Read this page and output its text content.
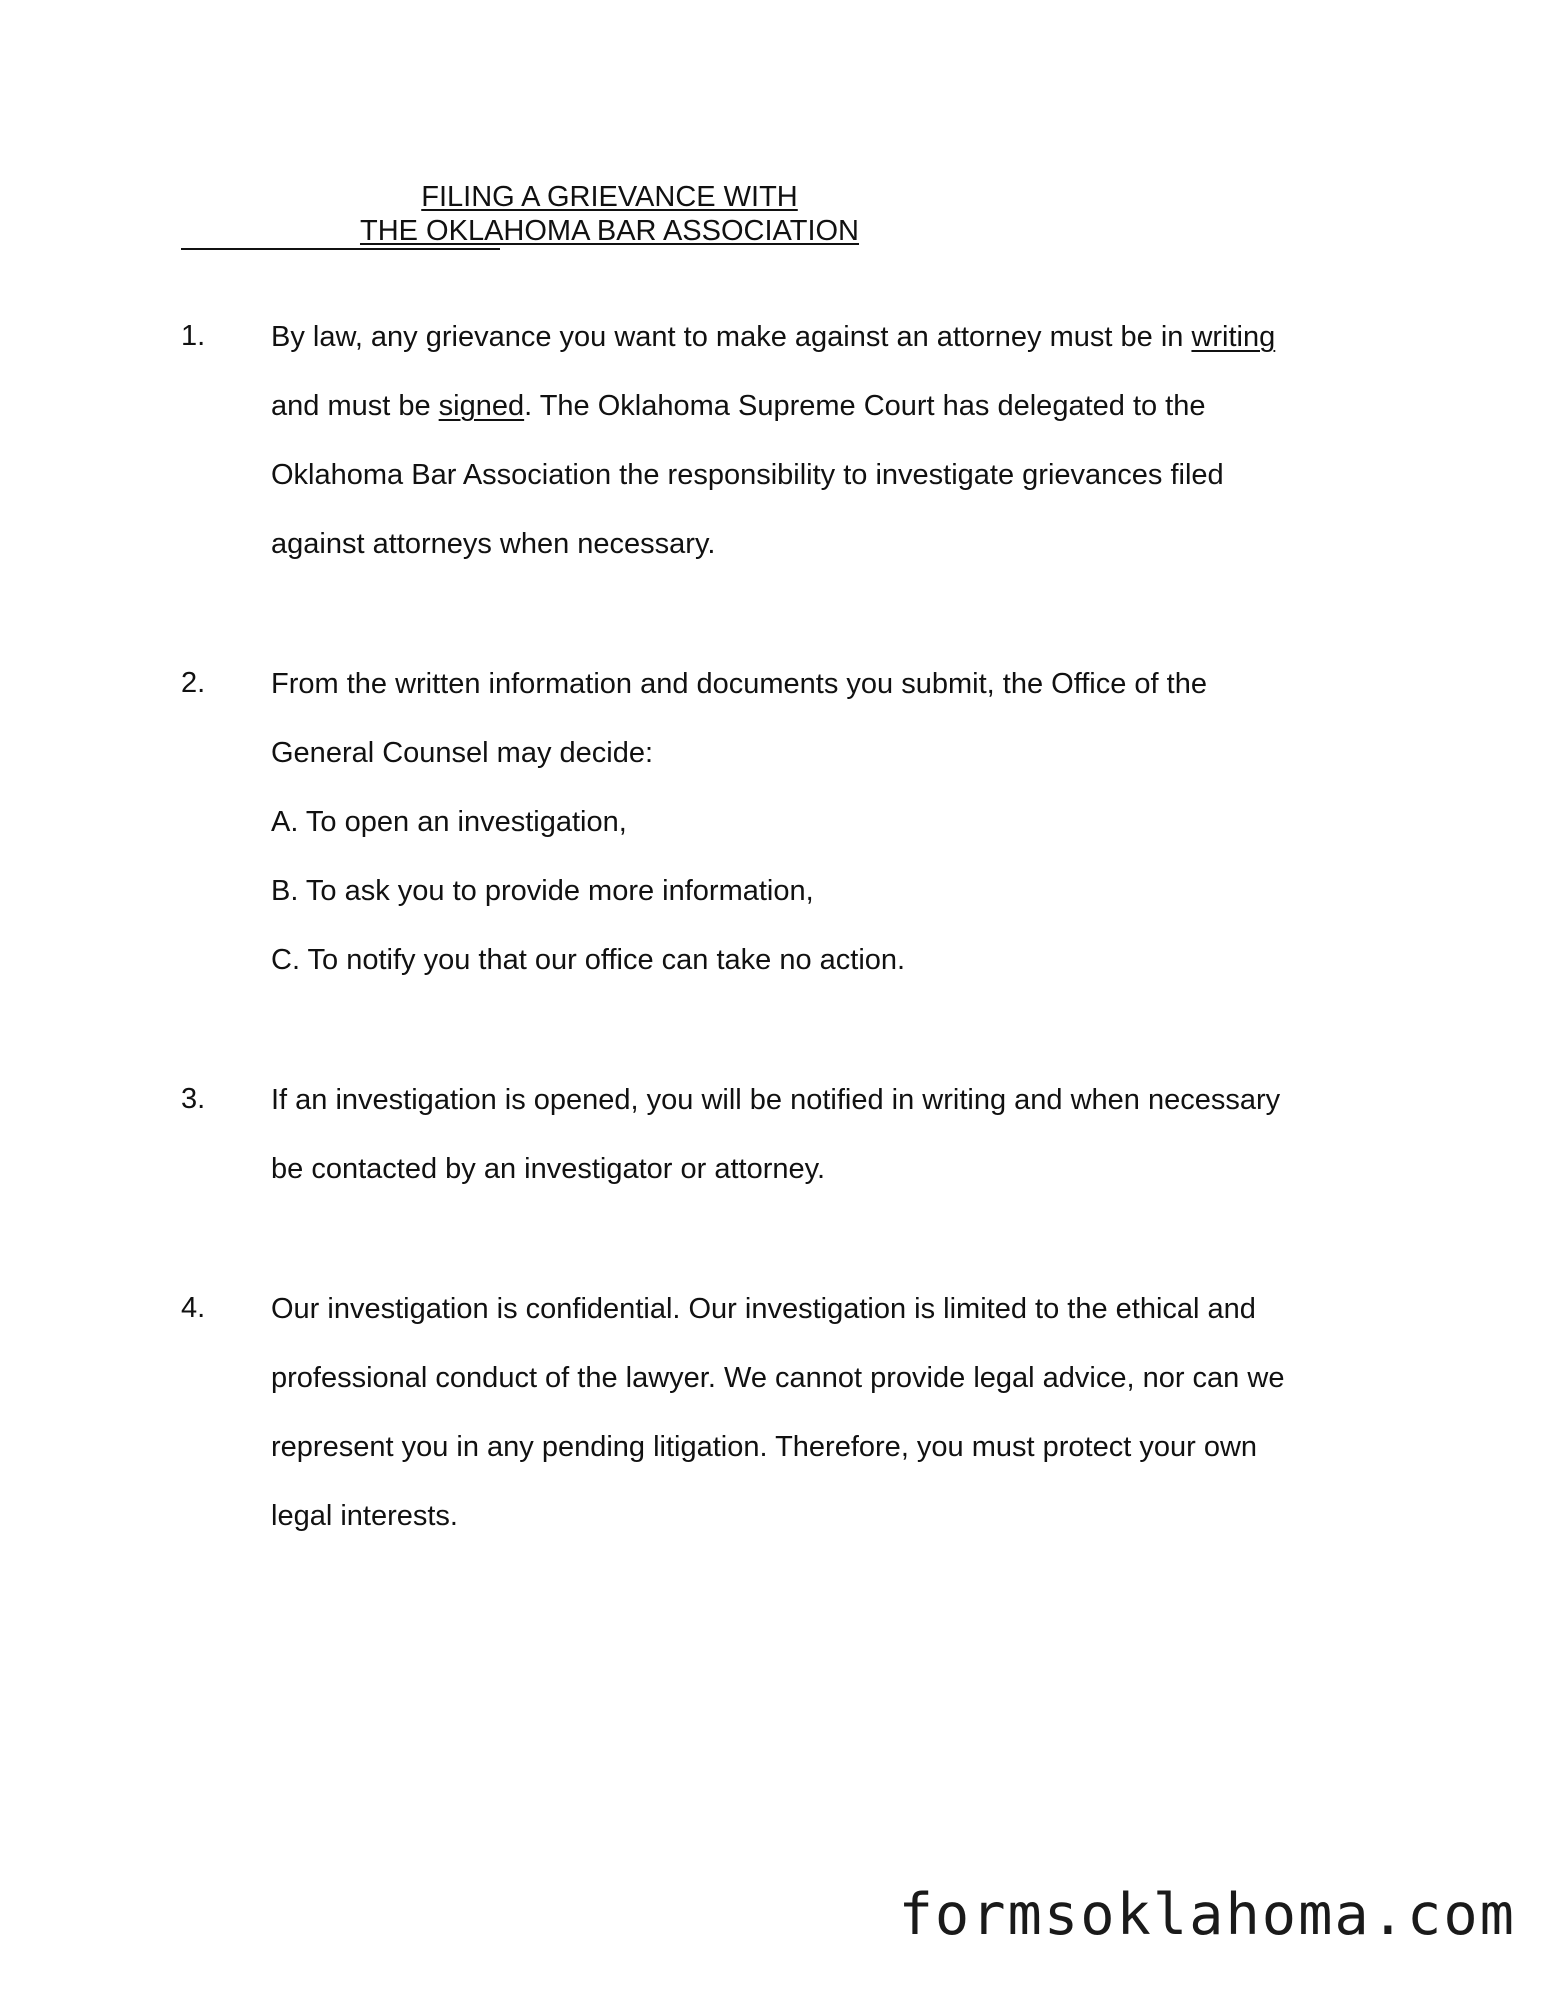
FILING A GRIEVANCE WITH
THE OKLAHOMA BAR ASSOCIATION
1.	By law, any grievance you want to make against an attorney must be in writing
and must be signed. The Oklahoma Supreme Court has delegated to the
Oklahoma Bar Association the responsibility to investigate grievances filed
against attorneys when necessary.
2.	From the written information and documents you submit, the Office of the
General Counsel may decide:
A. To open an investigation,
B. To ask you to provide more information,
C. To notify you that our office can take no action.
3.	If an investigation is opened, you will be notified in writing and when necessary
be contacted by an investigator or attorney.
4.	Our investigation is confidential. Our investigation is limited to the ethical and
professional conduct of the lawyer. We cannot provide legal advice, nor can we
represent you in any pending litigation. Therefore, you must protect your own
legal interests.
formsoklahoma.com
